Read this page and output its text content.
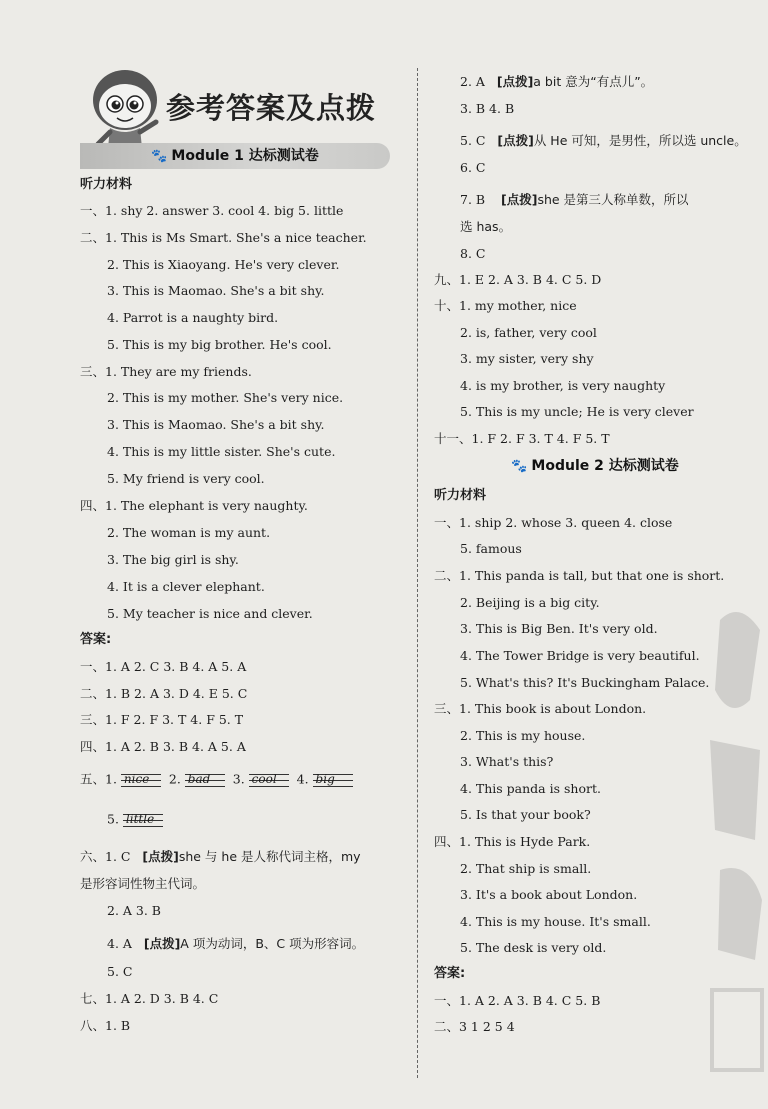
参考答案及点拨
🐾 Module 1 达标测试卷
听力材料
一、1. shy 2. answer 3. cool 4. big 5. little
二、1. This is Ms Smart. She's a nice teacher.
2. This is Xiaoyang. He's very clever.
3. This is Maomao. She's a bit shy.
4. Parrot is a naughty bird.
5. This is my big brother. He's cool.
三、1. They are my friends.
2. This is my mother. She's very nice.
3. This is Maomao. She's a bit shy.
4. This is my little sister. She's cute.
5. My friend is very cool.
四、1. The elephant is very naughty.
2. The woman is my aunt.
3. The big girl is shy.
4. It is a clever elephant.
5. My teacher is nice and clever.
答案:
一、1. A 2. C 3. B 4. A 5. A
二、1. B 2. A 3. D 4. E 5. C
三、1. F 2. F 3. T 4. F 5. T
四、1. A 2. B 3. B 4. A 5. A
五、1. nice 2. bad 3. cool 4. big
5. little
六、1. C [点拨]she 与 he 是人称代词主格，my
是形容词性物主代词。
2. A 3. B
4. A [点拨]A 项为动词，B、C 项为形容词。
5. C
七、1. A 2. D 3. B 4. C
八、1. B
2. A [点拨]a bit 意为“有点儿”。
3. B 4. B
5. C [点拨]从 He 可知，是男性，所以选 uncle。
6. C
7. B [点拨]she 是第三人称单数，所以
选 has。
8. C
九、1. E 2. A 3. B 4. C 5. D
十、1. my mother, nice
2. is, father, very cool
3. my sister, very shy
4. is my brother, is very naughty
5. This is my uncle; He is very clever
十一、1. F 2. F 3. T 4. F 5. T
🐾 Module 2 达标测试卷
听力材料
一、1. ship 2. whose 3. queen 4. close
5. famous
二、1. This panda is tall, but that one is short.
2. Beijing is a big city.
3. This is Big Ben. It's very old.
4. The Tower Bridge is very beautiful.
5. What's this? It's Buckingham Palace.
三、1. This book is about London.
2. This is my house.
3. What's this?
4. This panda is short.
5. Is that your book?
四、1. This is Hyde Park.
2. That ship is small.
3. It's a book about London.
4. This is my house. It's small.
5. The desk is very old.
答案:
一、1. A 2. A 3. B 4. C 5. B
二、3 1 2 5 4
